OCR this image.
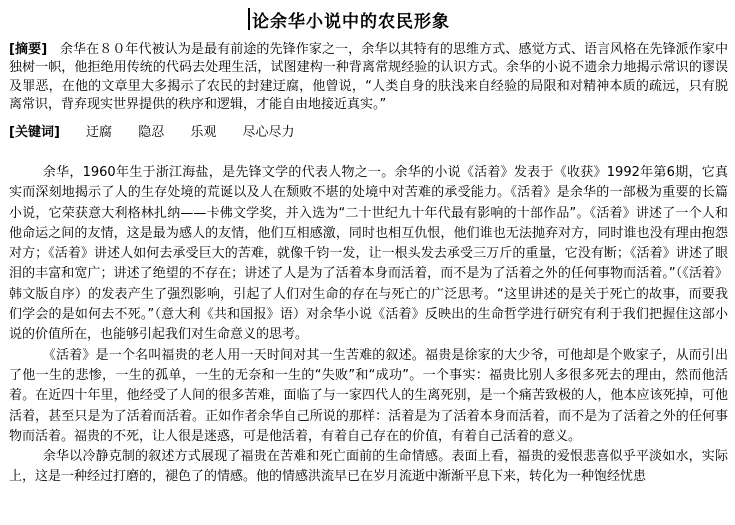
论余华小说中的农民形象
[摘要] 余华在８０年代被认为是最有前途的先锋作家之一，余华以其特有的思维方式、感觉方式、语言风格在先锋派作家中独树一帜，他拒绝用传统的代码去处理生活，试图建构一种背离常规经验的认识方式。余华的小说不遗余力地揭示常识的谬误及罪恶，在他的文章里大多揭示了农民的封建迂腐，他曾说，“人类自身的肤浅来自经验的局限和对精神本质的疏远，只有脱离常识，背弃现实世界提供的秩序和逻辑，才能自由地接近真实。”
[关键词] 迂腐 隐忍 乐观 尽心尽力

余华，1960年生于浙江海盐，是先锋文学的代表人物之一。余华的小说《活着》发表于《收获》1992年第6期，它真实而深刻地揭示了人的生存处境的荒诞以及人在颓败不堪的处境中对苦难的承受能力。《活着》是余华的一部极为重要的长篇小说，它荣获意大利格林扎纳——卡佛文学奖，并入选为“二十世纪九十年代最有影响的十部作品”。《活着》讲述了一个人和他命运之间的友情，这是最为感人的友情，他们互相感激，同时也相互仇恨，他们谁也无法抛弃对方，同时谁也没有理由抱怨对方；《活着》讲述人如何去承受巨大的苦难，就像千钧一发，让一根头发去承受三万斤的重量，它没有断；《活着》讲述了眼泪的丰富和宽广；讲述了绝望的不存在；讲述了人是为了活着本身而活着，而不是为了活着之外的任何事物而活着。”（《活着》韩文版自序）的发表产生了强烈影响，引起了人们对生命的存在与死亡的广泛思考。“这里讲述的是关于死亡的故事，而要我们学会的是如何去不死。”（意大利《共和国报》语）对余华小说《活着》反映出的生命哲学进行研究有利于我们把握住这部小说的价值所在，也能够引起我们对生命意义的思考。

《活着》是一个名叫福贵的老人用一天时间对其一生苦难的叙述。福贵是徐家的大少爷，可他却是个败家子，从而引出了他一生的悲惨，一生的孤单，一生的无奈和一生的“失败”和“成功”。一个事实：福贵比别人多很多死去的理由，然而他活着。在近四十年里，他经受了人间的很多苦难，面临了与一家四代人的生离死别，是一个痛苦致极的人，他本应该死掉，可他活着，甚至只是为了活着而活着。正如作者余华自己所说的那样：活着是为了活着本身而活着，而不是为了活着之外的任何事物而活着。福贵的不死，让人很是迷惑，可是他活着，有着自己存在的价值，有着自己活着的意义。

余华以冷静克制的叙述方式展现了福贵在苦难和死亡面前的生命情感。表面上看，福贵的爱恨悲喜似乎平淡如水，实际上，这是一种经过打磨的，褪色了的情感。他的情感洪流早已在岁月流逝中渐渐平息下来，转化为一种饱经忧患
